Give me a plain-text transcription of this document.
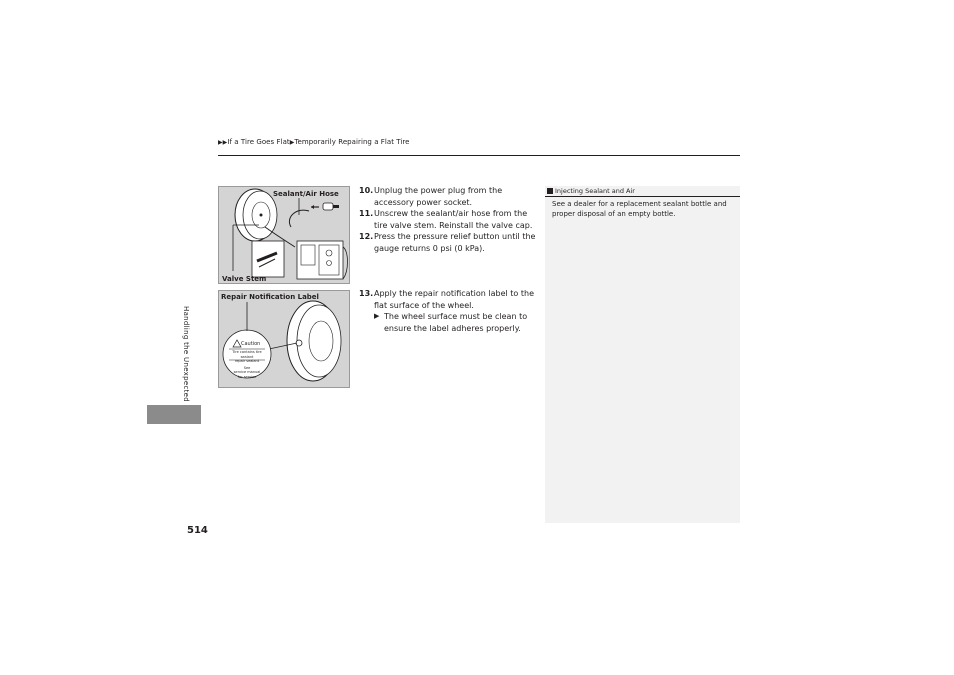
▶▶If a Tire Goes Flat▶Temporarily Repairing a Flat Tire
Handling the Unexpected
514
Sealant/Air Hose
Valve Stem
Repair Notification Label
Caution
Tire contains tire sealant
repair sealant
See
service manual
for service
10. Unplug the power plug from the accessory power socket.
11. Unscrew the sealant/air hose from the tire valve stem. Reinstall the valve cap.
12. Press the pressure relief button until the gauge returns 0 psi (0 kPa).
13. Apply the repair notification label to the flat surface of the wheel.
▶ The wheel surface must be clean to ensure the label adheres properly.
Injecting Sealant and Air
See a dealer for a replacement sealant bottle and proper disposal of an empty bottle.
